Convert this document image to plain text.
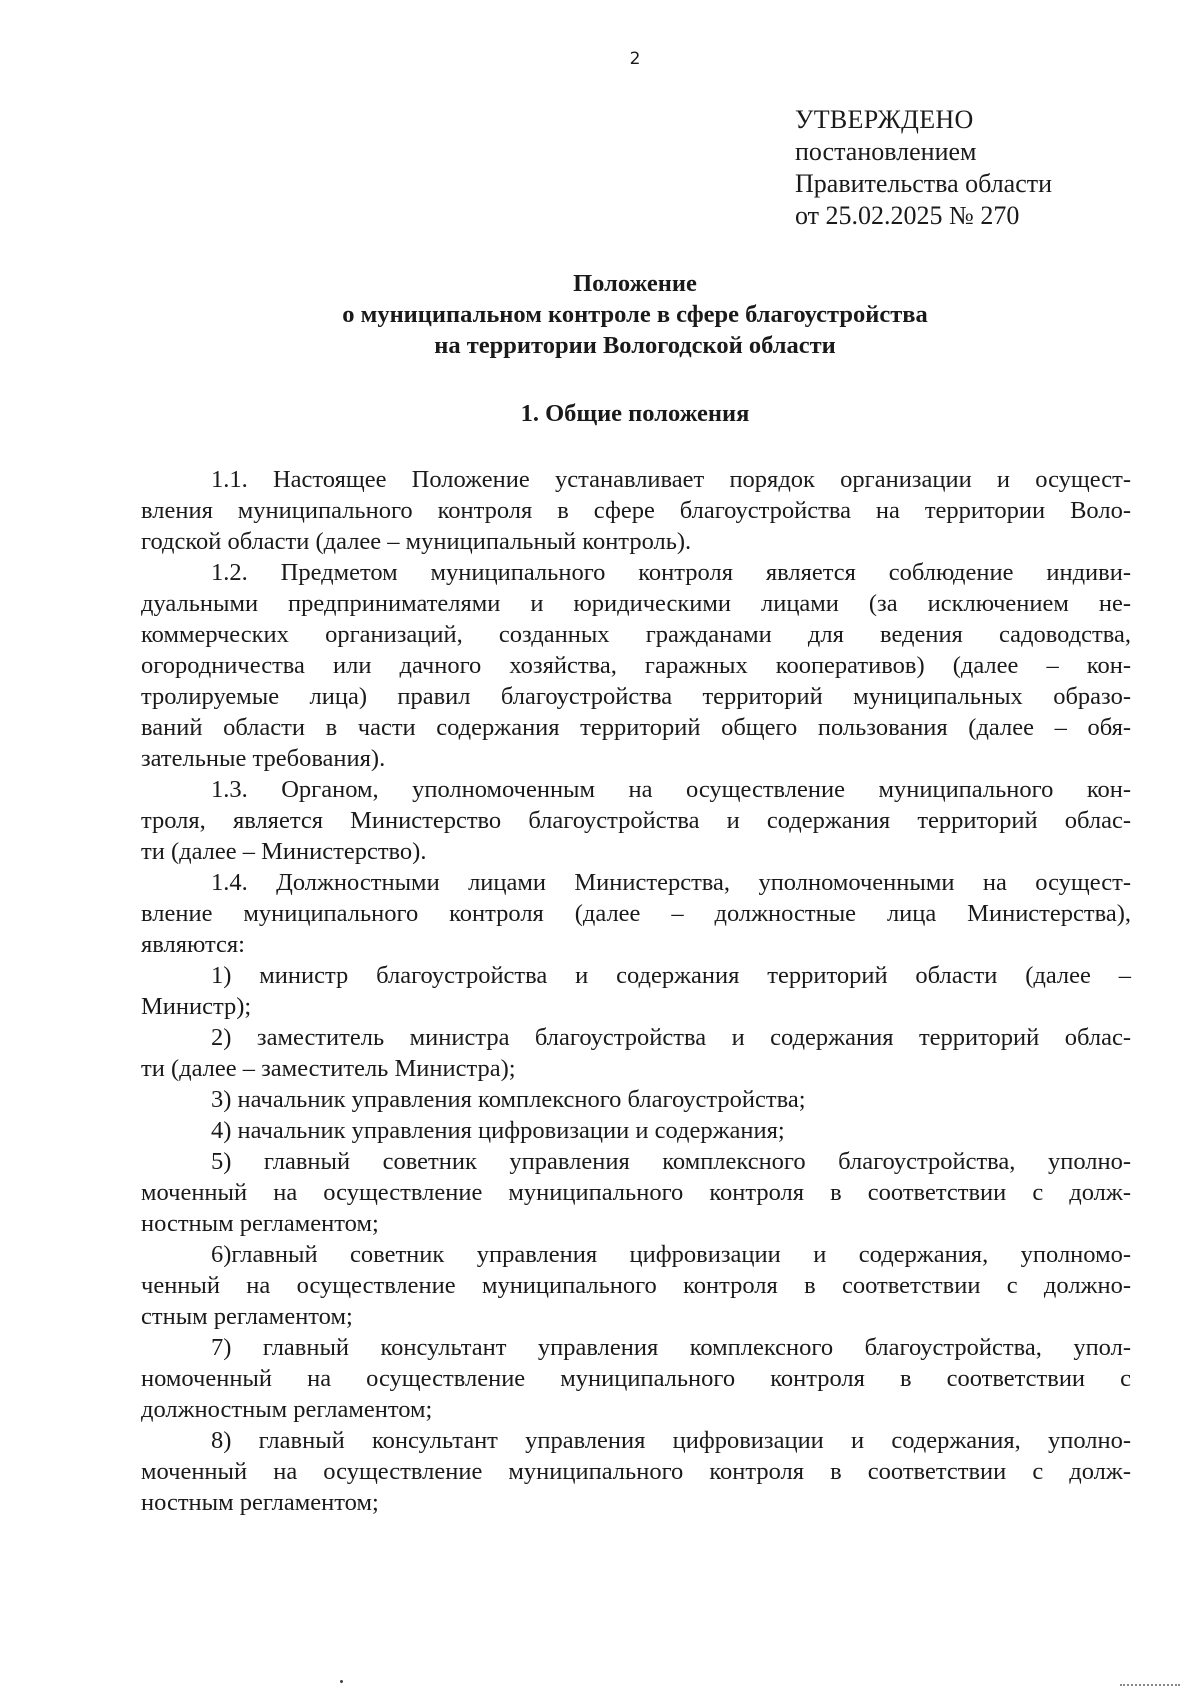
2
УТВЕРЖДЕНО
постановлением
Правительства области
от 25.02.2025 № 270
Положение
о муниципальном контроле в сфере благоустройства
на территории Вологодской области
1. Общие положения

1.1. Настоящее Положение устанавливает порядок организации и осущест-
вления муниципального контроля в сфере благоустройства на территории Воло-
годской области (далее – муниципальный контроль).

1.2. Предметом муниципального контроля является соблюдение индиви-
дуальными предпринимателями и юридическими лицами (за исключением не-
коммерческих организаций, созданных гражданами для ведения садоводства,
огородничества или дачного хозяйства, гаражных кооперативов) (далее – кон-
тролируемые лица) правил благоустройства территорий муниципальных образо-
ваний области в части содержания территорий общего пользования (далее – обя-
зательные требования).

1.3. Органом, уполномоченным на осуществление муниципального кон-
троля, является Министерство благоустройства и содержания территорий облас-
ти (далее – Министерство).

1.4. Должностными лицами Министерства, уполномоченными на осущест-
вление муниципального контроля (далее – должностные лица Министерства),
являются:

1) министр благоустройства и содержания территорий области (далее –
Министр);

2) заместитель министра благоустройства и содержания территорий облас-
ти (далее – заместитель Министра);

3) начальник управления комплексного благоустройства;

4) начальник управления цифровизации и содержания;

5) главный советник управления комплексного благоустройства, уполно-
моченный на осуществление муниципального контроля в соответствии с долж-
ностным регламентом;

6)главный советник управления цифровизации и содержания, уполномо-
ченный на осуществление муниципального контроля в соответствии с должно-
стным регламентом;

7) главный консультант управления комплексного благоустройства, упол-
номоченный на осуществление муниципального контроля в соответствии с
должностным регламентом;

8) главный консультант управления цифровизации и содержания, уполно-
моченный на осуществление муниципального контроля в соответствии с долж-
ностным регламентом;
